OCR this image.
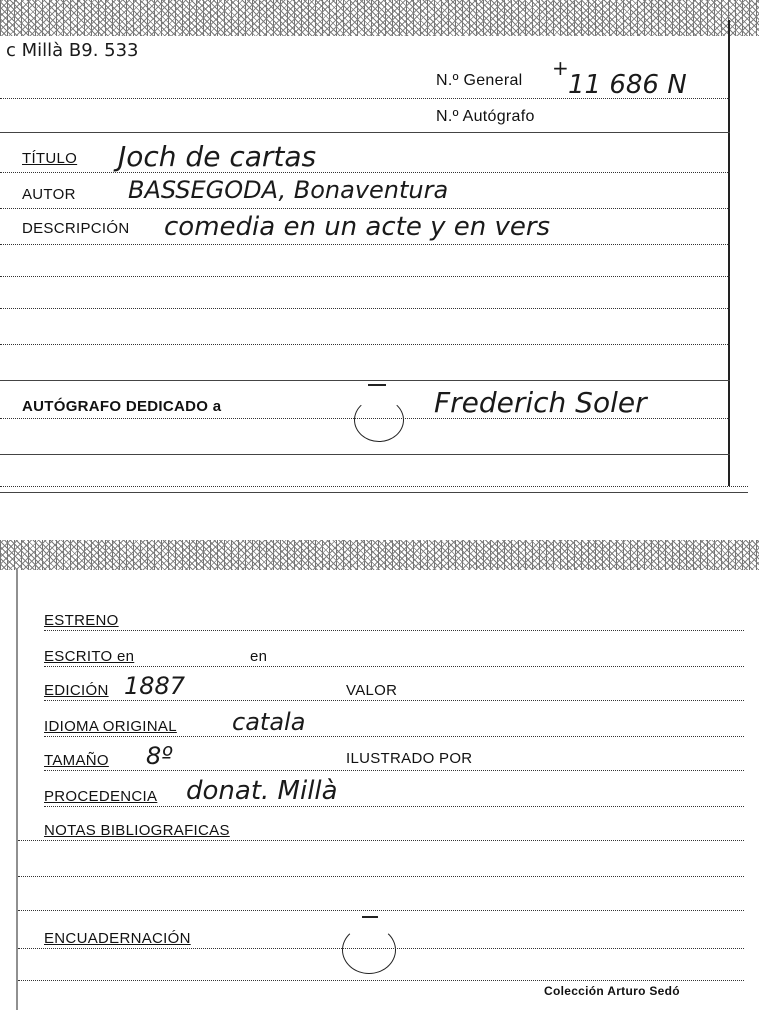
c Millà B9. 533
N.º General
+
11 686 N
N.º Autógrafo
TÍTULO Joch de cartas
AUTOR BASSEGODA, Bonaventura
DESCRIPCIÓN comedia en un acte y en vers
AUTÓGRAFO DEDICADO a	Frederich Soler
ESTRENO
ESCRITO en	en
EDICIÓN 1887	VALOR
IDIOMA ORIGINAL catala
TAMAÑO 8º	ILUSTRADO POR
PROCEDENCIA donat. Millà
NOTAS BIBLIOGRAFICAS
ENCUADERNACIÓN
Colección Arturo Sedó
